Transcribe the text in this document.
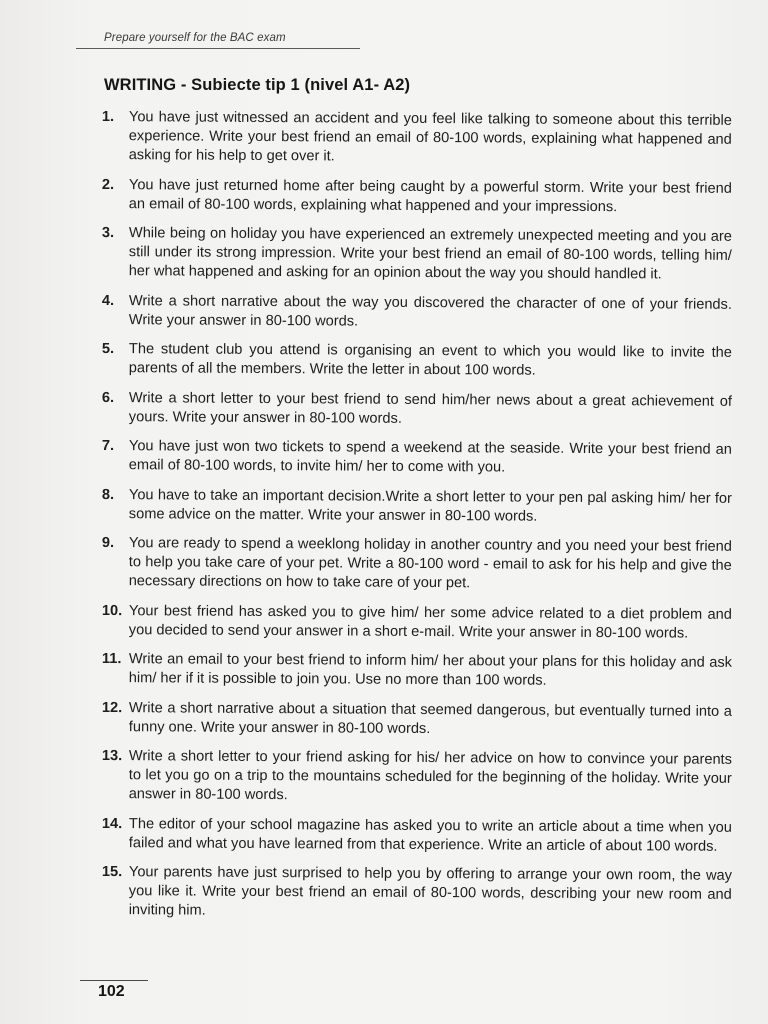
Prepare yourself for the BAC exam
WRITING - Subiecte tip 1 (nivel A1- A2)
1.	You have just witnessed an accident and you feel like talking to someone about this terrible experience. Write your best friend an email of 80-100 words, explaining what happened and asking for his help to get over it.
2.	You have just returned home after being caught by a powerful storm. Write your best friend an email of 80-100 words, explaining what happened and your impressions.
3.	While being on holiday you have experienced an extremely unexpected meeting and you are still under its strong impression. Write your best friend an email of 80-100 words, telling him/ her what happened and asking for an opinion about the way you should handled it.
4.	Write a short narrative about the way you discovered the character of one of your friends. Write your answer in 80-100 words.
5.	The student club you attend is organising an event to which you would like to invite the parents of all the members. Write the letter in about 100 words.
6.	Write a short letter to your best friend to send him/her news about a great achievement of yours. Write your answer in 80-100 words.
7.	You have just won two tickets to spend a weekend at the seaside. Write your best friend an email of 80-100 words, to invite him/ her to come with you.
8.	You have to take an important decision.Write a short letter to your pen pal asking him/ her for some advice on the matter. Write your answer in 80-100 words.
9.	You are ready to spend a weeklong holiday in another country and you need your best friend to help you take care of your pet. Write a 80-100 word - email to ask for his help and give the necessary directions on how to take care of your pet.
10. Your best friend has asked you to give him/ her some advice related to a diet problem and you decided to send your answer in a short e-mail. Write your answer in 80-100 words.
11. Write an email to your best friend to inform him/ her about your plans for this holiday and ask him/ her if it is possible to join you. Use no more than 100 words.
12. Write a short narrative about a situation that seemed dangerous, but eventually turned into a funny one. Write your answer in 80-100 words.
13. Write a short letter to your friend asking for his/ her advice on how to convince your parents to let you go on a trip to the mountains scheduled for the beginning of the holiday. Write your answer in 80-100 words.
14. The editor of your school magazine has asked you to write an article about a time when you failed and what you have learned from that experience. Write an article of about 100 words.
15. Your parents have just surprised to help you by offering to arrange your own room, the way you like it. Write your best friend an email of 80-100 words, describing your new room and inviting him.
102
